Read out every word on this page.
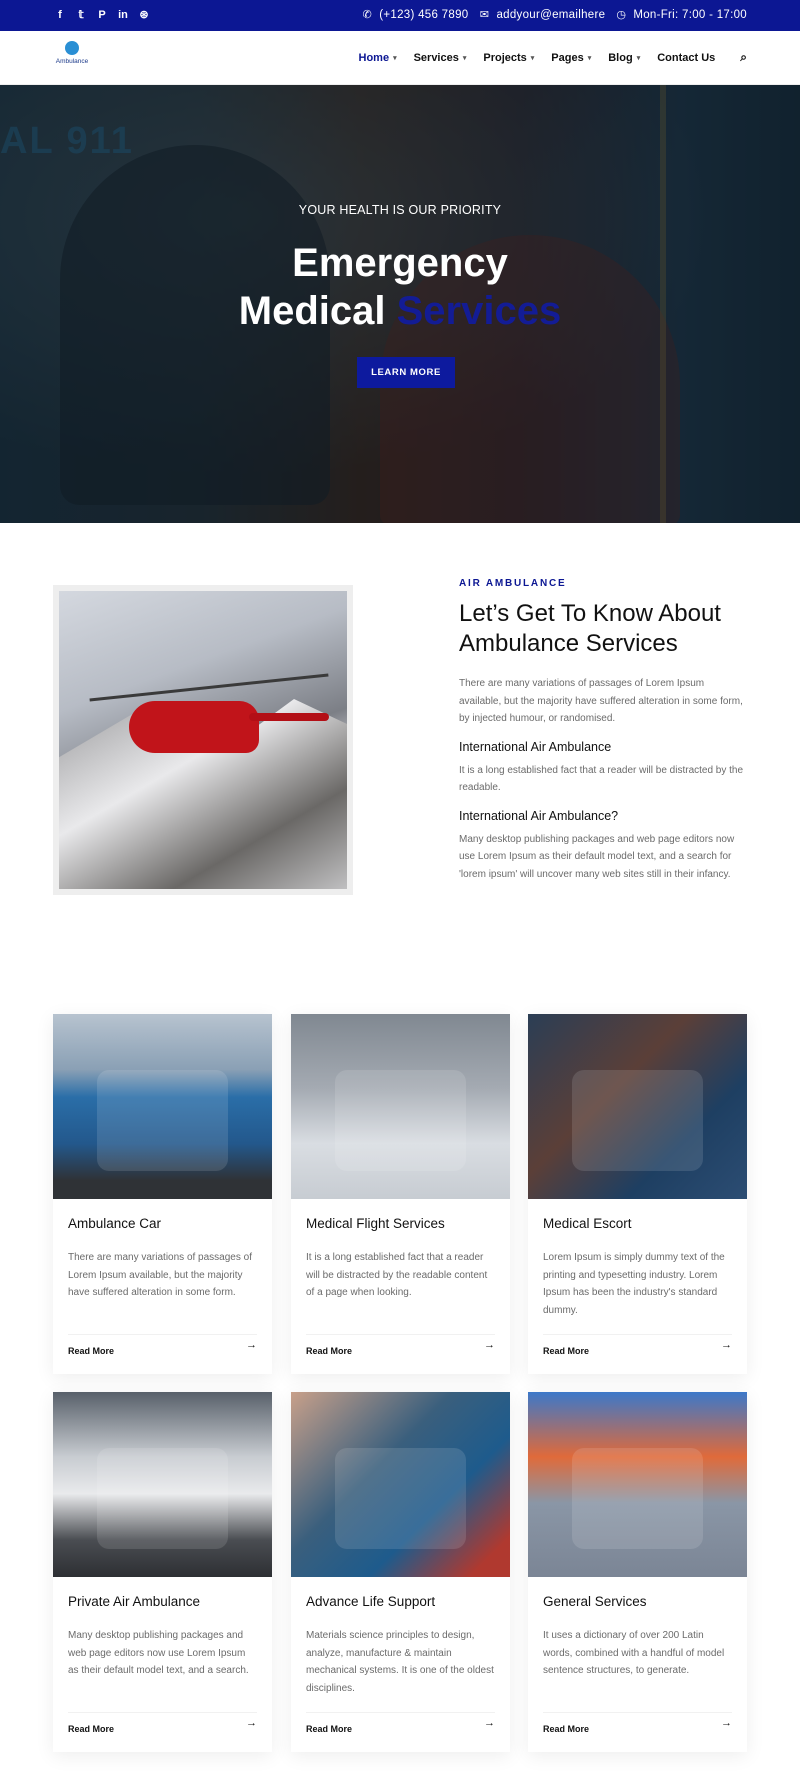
f	𝕥	P in ⊛	✆ (+123) 456 7890 ✉ addyour@emailhere ◷ Mon-Fri: 7:00 - 17:00
Ambulance	Home ▾ Services ▾ Projects ▾ Pages ▾ Blog ▾ Contact Us ⌕
AL 911
YOUR HEALTH IS OUR PRIORITY
Emergency
Medical Services
LEARN MORE
AIR AMBULANCE
Let’s Get To Know About Ambulance Services
There are many variations of passages of Lorem Ipsum available, but the majority have suffered alteration in some form, by injected humour, or randomised.
International Air Ambulance
It is a long established fact that a reader will be distracted by the readable.
International Air Ambulance?
Many desktop publishing packages and web page editors now use Lorem Ipsum as their default model text, and a search for 'lorem ipsum' will uncover many web sites still in their infancy.
Ambulance Car
There are many variations of passages of Lorem Ipsum available, but the majority have suffered alteration in some form.
Read More	→
Medical Flight Services
It is a long established fact that a reader will be distracted by the readable content of a page when looking.
Read More	→
Medical Escort
Lorem Ipsum is simply dummy text of the printing and typesetting industry. Lorem Ipsum has been the industry's standard dummy.
Read More	→
Private Air Ambulance
Many desktop publishing packages and web page editors now use Lorem Ipsum as their default model text, and a search.
Read More	→
Advance Life Support
Materials science principles to design, analyze, manufacture & maintain mechanical systems. It is one of the oldest disciplines.
Read More	→
General Services
It uses a dictionary of over 200 Latin words, combined with a handful of model sentence structures, to generate.
Read More	→
